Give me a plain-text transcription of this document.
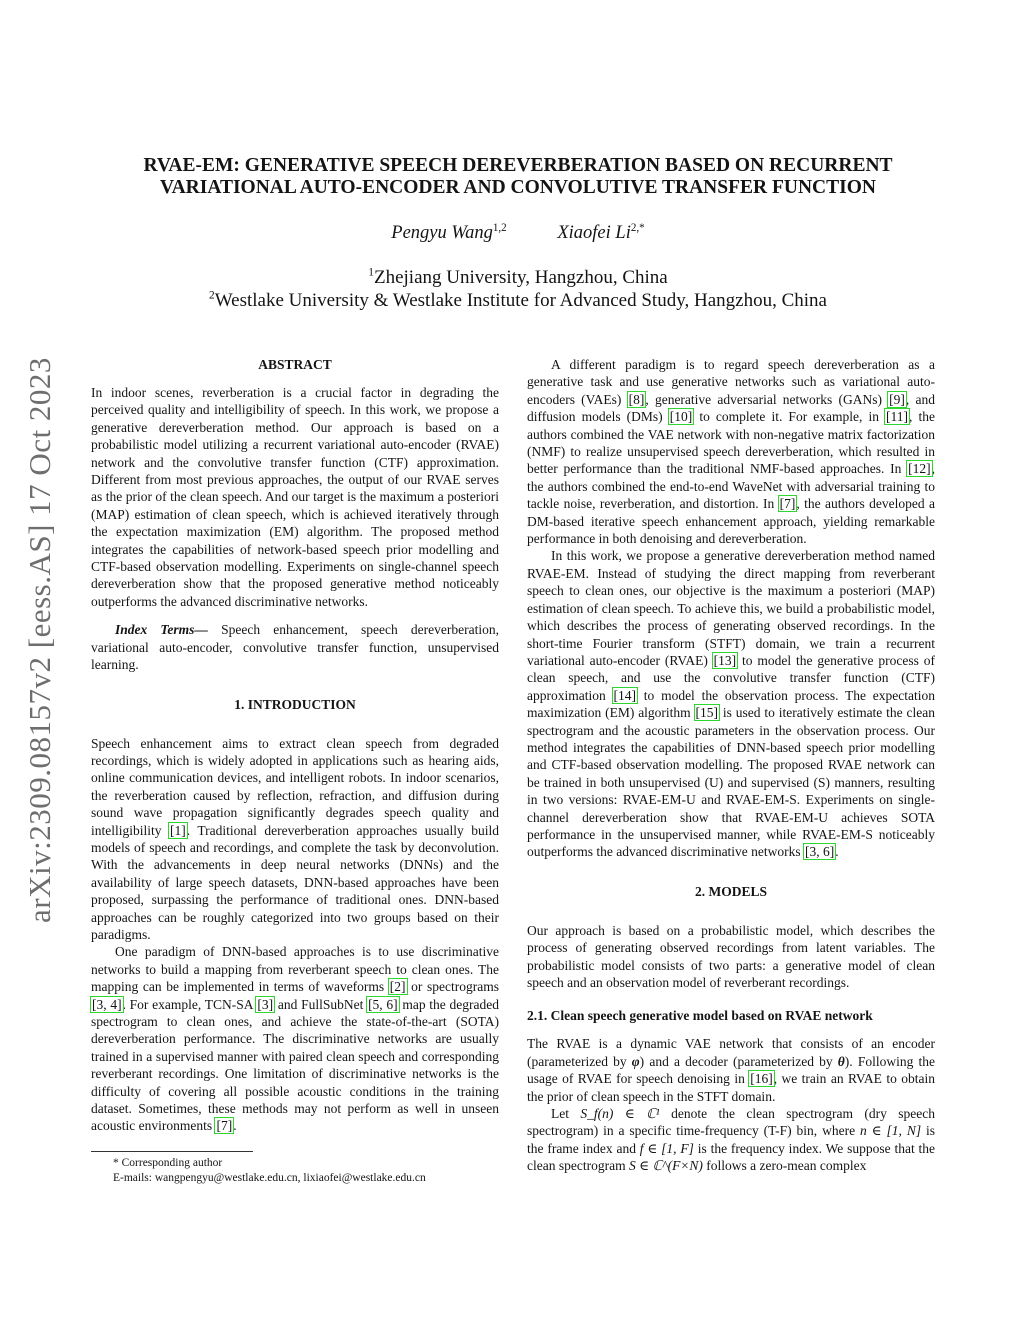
arXiv:2309.08157v2 [eess.AS] 17 Oct 2023
RVAE-EM: GENERATIVE SPEECH DEREVERBERATION BASED ON RECURRENT
VARIATIONAL AUTO-ENCODER AND CONVOLUTIVE TRANSFER FUNCTION
Pengyu Wang$^{1,2}$	Xiaofei $Li^{2,*}$
$^1$Zhejiang University, Hangzhou, China
$^2$Westlake University & Westlake Institute for Advanced Study, Hangzhou, China
ABSTRACT

In indoor scenes, reverberation is a crucial factor in degrading the perceived quality and intelligibility of speech. In this work, we propose a generative dereverberation method. Our approach is based on a probabilistic model utilizing a recurrent variational auto-encoder (RVAE) network and the convolutive transfer function (CTF) approximation. Different from most previous approaches, the output of our RVAE serves as the prior of the clean speech. And our target is the maximum a posteriori (MAP) estimation of clean speech, which is achieved iteratively through the expectation maximization (EM) algorithm. The proposed method integrates the capabilities of network-based speech prior modelling and CTF-based observation modelling. Experiments on single-channel speech dereverberation show that the proposed generative method noticeably outperforms the advanced discriminative networks.

Index Terms— Speech enhancement, speech dereverberation, variational auto-encoder, convolutive transfer function, unsupervised learning.

1. INTRODUCTION

Speech enhancement aims to extract clean speech from degraded recordings, which is widely adopted in applications such as hearing aids, online communication devices, and intelligent robots. In indoor scenarios, the reverberation caused by reflection, refraction, and diffusion during sound wave propagation significantly degrades speech quality and intelligibility [1]. Traditional dereverberation approaches usually build models of speech and recordings, and complete the task by deconvolution. With the advancements in deep neural networks (DNNs) and the availability of large speech datasets, DNN-based approaches have been proposed, surpassing the performance of traditional ones. DNN-based approaches can be roughly categorized into two groups based on their paradigms.

One paradigm of DNN-based approaches is to use discriminative networks to build a mapping from reverberant speech to clean ones. The mapping can be implemented in terms of waveforms [2] or spectrograms [3, 4]. For example, TCN-SA [3] and FullSubNet [5, 6] map the degraded spectrogram to clean ones, and achieve the state-of-the-art (SOTA) dereverberation performance. The discriminative networks are usually trained in a supervised manner with paired clean speech and corresponding reverberant recordings. One limitation of discriminative networks is the difficulty of covering all possible acoustic conditions in the training dataset. Sometimes, these methods may not perform as well in unseen acoustic environments [7].

* Corresponding author
E-mails: wangpengyu@westlake.edu.cn, lixiaofei@westlake.edu.cn

A different paradigm is to regard speech dereverberation as a generative task and use generative networks such as variational auto-encoders (VAEs) [8], generative adversarial networks (GANs) [9], and diffusion models (DMs) [10] to complete it. For example, in [11], the authors combined the VAE network with non-negative matrix factorization (NMF) to realize unsupervised speech dereverberation, which resulted in better performance than the traditional NMF-based approaches. In [12], the authors combined the end-to-end WaveNet with adversarial training to tackle noise, reverberation, and distortion. In [7], the authors developed a DM-based iterative speech enhancement approach, yielding remarkable performance in both denoising and dereverberation.

In this work, we propose a generative dereverberation method named RVAE-EM. Instead of studying the direct mapping from reverberant speech to clean ones, our objective is the maximum a posteriori (MAP) estimation of clean speech. To achieve this, we build a probabilistic model, which describes the process of generating observed recordings. In the short-time Fourier transform (STFT) domain, we train a recurrent variational auto-encoder (RVAE) [13] to model the generative process of clean speech, and use the convolutive transfer function (CTF) approximation [14] to model the observation process. The expectation maximization (EM) algorithm [15] is used to iteratively estimate the clean spectrogram and the acoustic parameters in the observation process. Our method integrates the capabilities of DNN-based speech prior modelling and CTF-based observation modelling. The proposed RVAE network can be trained in both unsupervised (U) and supervised (S) manners, resulting in two versions: RVAE-EM-U and RVAE-EM-S. Experiments on single-channel dereverberation show that RVAE-EM-U achieves SOTA performance in the unsupervised manner, while RVAE-EM-S noticeably outperforms the advanced discriminative networks [3, 6].

2. MODELS

Our approach is based on a probabilistic model, which describes the process of generating observed recordings from latent variables. The probabilistic model consists of two parts: a generative model of clean speech and an observation model of reverberant recordings.

2.1. Clean speech generative model based on RVAE network

The RVAE is a dynamic VAE network that consists of an encoder (parameterized by φ) and a decoder (parameterized by θ). Following the usage of RVAE for speech denoising in [16], we train an RVAE to obtain the prior of clean speech in the STFT domain.

Let S_f(n) ∈ ℂ¹ denote the clean spectrogram (dry speech spectrogram) in a specific time-frequency (T-F) bin, where n ∈ [1, N] is the frame index and f ∈ [1, F] is the frequency index. We suppose that the clean spectrogram S ∈ ℂ^(F×N) follows a zero-mean complex
